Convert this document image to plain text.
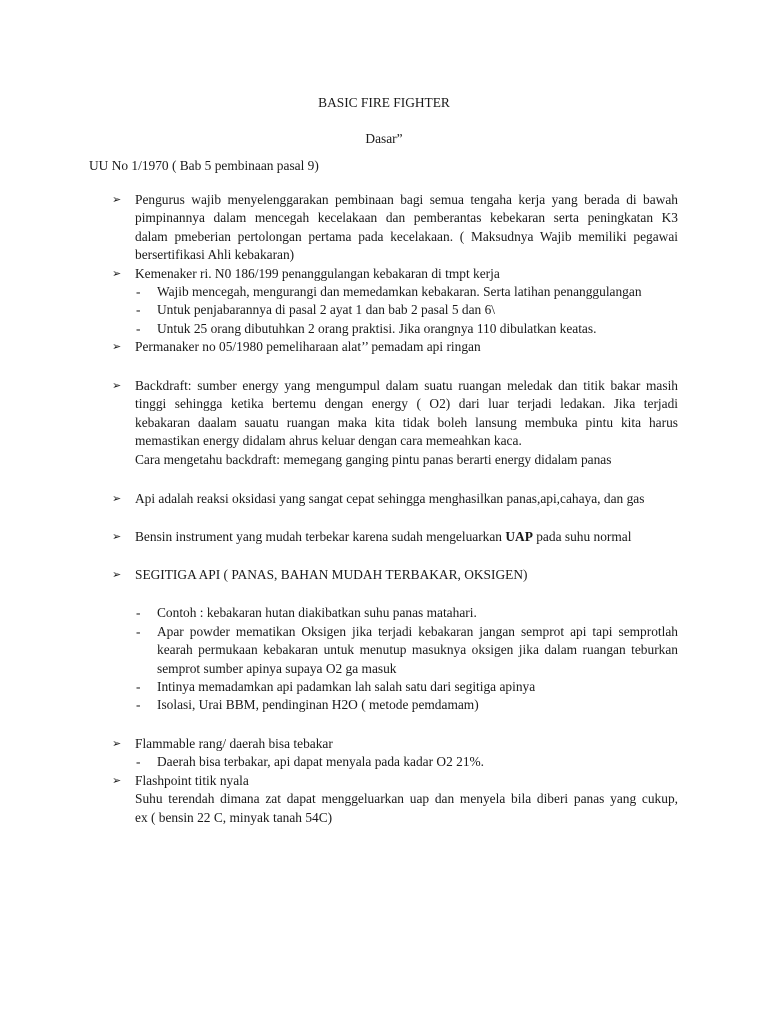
BASIC FIRE FIGHTER
Dasar”
UU No 1/1970 ( Bab 5 pembinaan pasal 9)
➢	Pengurus wajib menyelenggarakan pembinaan bagi semua tengaha kerja yang berada di bawah
pimpinannya dalam mencegah kecelakaan dan pemberantas kebekaran serta peningkatan K3
dalam pmeberian pertolongan pertama pada kecelakaan. ( Maksudnya Wajib memiliki pegawai
bersertifikasi Ahli kebakaran)
➢	Kemenaker ri. N0 186/199 penanggulangan kebakaran di tmpt kerja
- Wajib mencegah, mengurangi dan memedamkan kebakaran. Serta latihan penanggulangan
- Untuk penjabarannya di pasal 2 ayat 1 dan bab 2 pasal 5 dan 6\
- Untuk 25 orang dibutuhkan 2 orang praktisi. Jika orangnya 110 dibulatkan keatas.
➢	Permanaker no 05/1980 pemeliharaan alat’’ pemadam api ringan
➢	Backdraft: sumber energy yang mengumpul dalam suatu ruangan meledak dan titik bakar masih
tinggi sehingga ketika bertemu dengan energy ( O2) dari luar terjadi ledakan. Jika terjadi
kebakaran daalam sauatu ruangan maka kita tidak boleh lansung membuka pintu kita harus
memastikan energy didalam ahrus keluar dengan cara memeahkan kaca.
Cara mengetahu backdraft: memegang ganging pintu panas berarti energy didalam panas
➢	Api adalah reaksi oksidasi yang sangat cepat sehingga menghasilkan panas,api,cahaya, dan gas
➢	Bensin instrument yang mudah terbekar karena sudah mengeluarkan UAP pada suhu normal
➢	SEGITIGA API ( PANAS, BAHAN MUDAH TERBAKAR, OKSIGEN)
- Contoh : kebakaran hutan diakibatkan suhu panas matahari.
- Apar powder mematikan Oksigen jika terjadi kebakaran jangan semprot api tapi semprotlah
kearah permukaan kebakaran untuk menutup masuknya oksigen jika dalam ruangan teburkan
semprot sumber apinya supaya O2 ga masuk
- Intinya memadamkan api padamkan lah salah satu dari segitiga apinya
- Isolasi, Urai BBM, pendinginan H2O ( metode pemdamam)
➢	Flammable rang/ daerah bisa tebakar
- Daerah bisa terbakar, api dapat menyala pada kadar O2 21%.
➢	Flashpoint titik nyala
Suhu terendah dimana zat dapat menggeluarkan uap dan menyela bila diberi panas yang cukup,
ex ( bensin 22 C, minyak tanah 54C)
